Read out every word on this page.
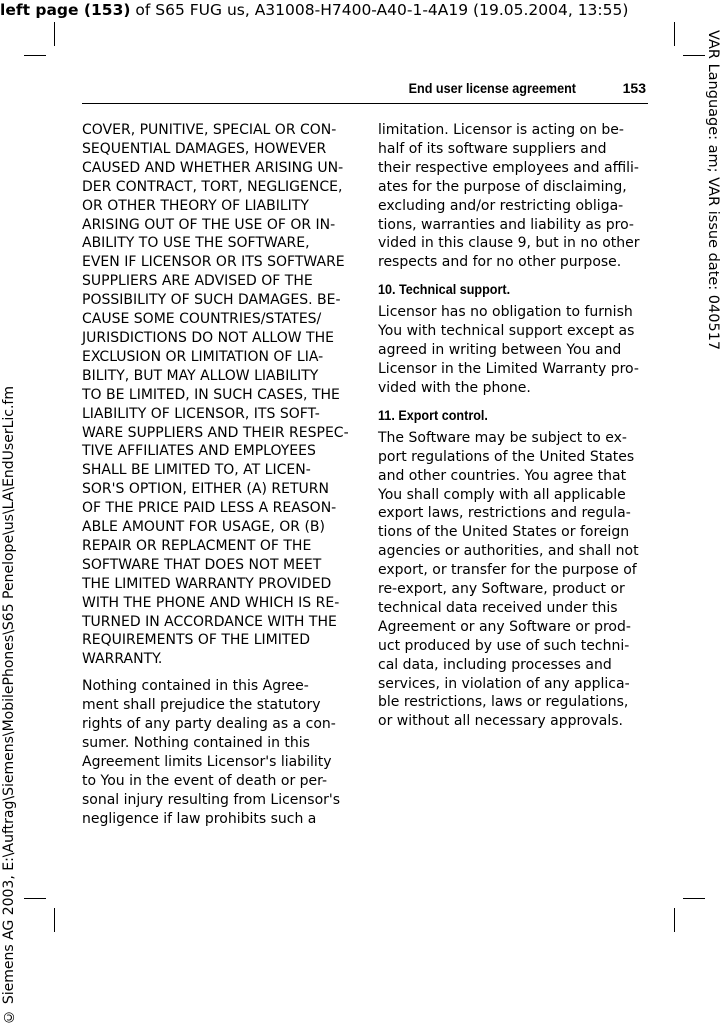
left page (153) of S65 FUG us, A31008-H7400-A40-1-4A19 (19.05.2004, 13:55)
VAR Language: am; VAR issue date: 040517
© Siemens AG 2003, E:\Auftrag\Siemens\MobilePhones\S65 Penelope\us\LA\EndUserLic.fm
End user license agreement	153
COVER, PUNITIVE, SPECIAL OR CON-
SEQUENTIAL DAMAGES, HOWEVER
CAUSED AND WHETHER ARISING UN-
DER CONTRACT, TORT, NEGLIGENCE,
OR OTHER THEORY OF LIABILITY
ARISING OUT OF THE USE OF OR IN-
ABILITY TO USE THE SOFTWARE,
EVEN IF LICENSOR OR ITS SOFTWARE
SUPPLIERS ARE ADVISED OF THE
POSSIBILITY OF SUCH DAMAGES. BE-
CAUSE SOME COUNTRIES/STATES/
JURISDICTIONS DO NOT ALLOW THE
EXCLUSION OR LIMITATION OF LIA-
BILITY, BUT MAY ALLOW LIABILITY
TO BE LIMITED, IN SUCH CASES, THE
LIABILITY OF LICENSOR, ITS SOFT-
WARE SUPPLIERS AND THEIR RESPEC-
TIVE AFFILIATES AND EMPLOYEES
SHALL BE LIMITED TO, AT LICEN-
SOR'S OPTION, EITHER (A) RETURN
OF THE PRICE PAID LESS A REASON-
ABLE AMOUNT FOR USAGE, OR (B)
REPAIR OR REPLACMENT OF THE
SOFTWARE THAT DOES NOT MEET
THE LIMITED WARRANTY PROVIDED
WITH THE PHONE AND WHICH IS RE-
TURNED IN ACCORDANCE WITH THE
REQUIREMENTS OF THE LIMITED
WARRANTY.
Nothing contained in this Agree-
ment shall prejudice the statutory
rights of any party dealing as a con-
sumer. Nothing contained in this
Agreement limits Licensor's liability
to You in the event of death or per-
sonal injury resulting from Licensor's
negligence if law prohibits such a
limitation. Licensor is acting on be-
half of its software suppliers and
their respective employees and affili-
ates for the purpose of disclaiming,
excluding and/or restricting obliga-
tions, warranties and liability as pro-
vided in this clause 9, but in no other
respects and for no other purpose.
10. Technical support.
Licensor has no obligation to furnish
You with technical support except as
agreed in writing between You and
Licensor in the Limited Warranty pro-
vided with the phone.
11. Export control.
The Software may be subject to ex-
port regulations of the United States
and other countries. You agree that
You shall comply with all applicable
export laws, restrictions and regula-
tions of the United States or foreign
agencies or authorities, and shall not
export, or transfer for the purpose of
re-export, any Software, product or
technical data received under this
Agreement or any Software or prod-
uct produced by use of such techni-
cal data, including processes and
services, in violation of any applica-
ble restrictions, laws or regulations,
or without all necessary approvals.
